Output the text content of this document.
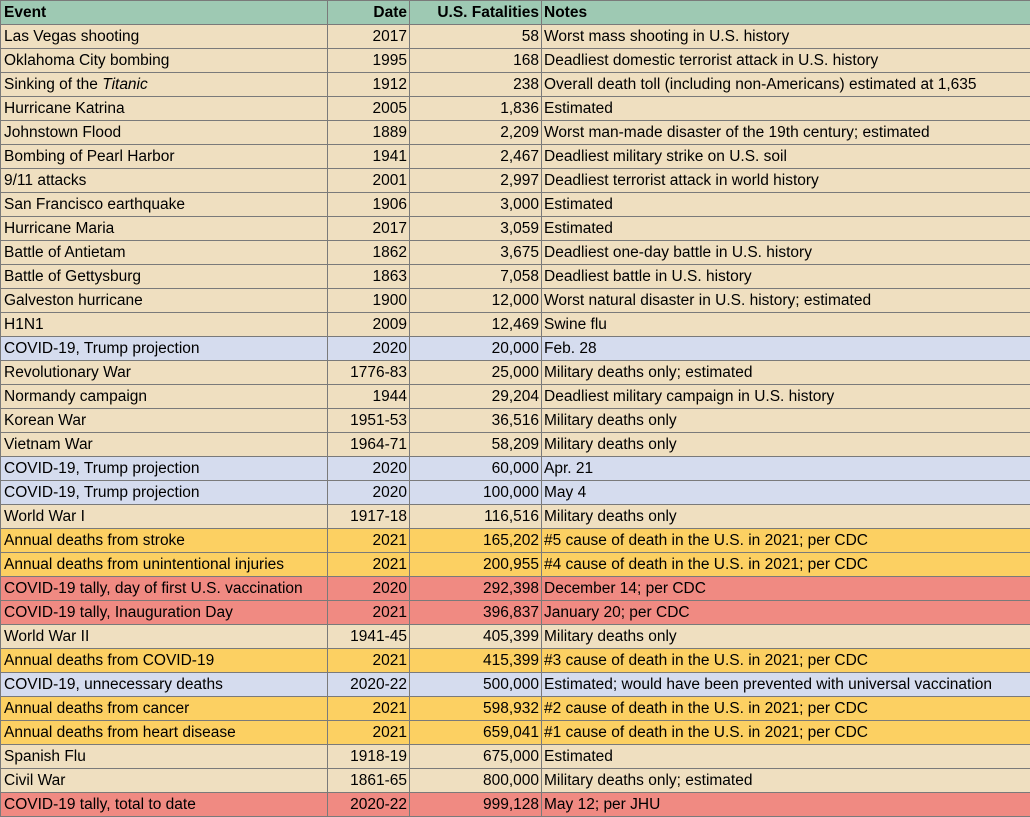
Event	Date	U.S. Fatalities	Notes
Las Vegas shooting	2017	58	Worst mass shooting in U.S. history
Oklahoma City bombing	1995	168	Deadliest domestic terrorist attack in U.S. history
Sinking of the Titanic	1912	238	Overall death toll (including non-Americans) estimated at 1,635
Hurricane Katrina	2005	1,836	Estimated
Johnstown Flood	1889	2,209	Worst man-made disaster of the 19th century; estimated
Bombing of Pearl Harbor	1941	2,467	Deadliest military strike on U.S. soil
9/11 attacks	2001	2,997	Deadliest terrorist attack in world history
San Francisco earthquake	1906	3,000	Estimated
Hurricane Maria	2017	3,059	Estimated
Battle of Antietam	1862	3,675	Deadliest one-day battle in U.S. history
Battle of Gettysburg	1863	7,058	Deadliest battle in U.S. history
Galveston hurricane	1900	12,000	Worst natural disaster in U.S. history; estimated
H1N1	2009	12,469	Swine flu
COVID-19, Trump projection	2020	20,000	Feb. 28
Revolutionary War	1776-83	25,000	Military deaths only; estimated
Normandy campaign	1944	29,204	Deadliest military campaign in U.S. history
Korean War	1951-53	36,516	Military deaths only
Vietnam War	1964-71	58,209	Military deaths only
COVID-19, Trump projection	2020	60,000	Apr. 21
COVID-19, Trump projection	2020	100,000	May 4
World War I	1917-18	116,516	Military deaths only
Annual deaths from stroke	2021	165,202	#5 cause of death in the U.S. in 2021; per CDC
Annual deaths from unintentional injuries	2021	200,955	#4 cause of death in the U.S. in 2021; per CDC
COVID-19 tally, day of first U.S. vaccination	2020	292,398	December 14; per CDC
COVID-19 tally, Inauguration Day	2021	396,837	January 20; per CDC
World War II	1941-45	405,399	Military deaths only
Annual deaths from COVID-19	2021	415,399	#3 cause of death in the U.S. in 2021; per CDC
COVID-19, unnecessary deaths	2020-22	500,000	Estimated; would have been prevented with universal vaccination
Annual deaths from cancer	2021	598,932	#2 cause of death in the U.S. in 2021; per CDC
Annual deaths from heart disease	2021	659,041	#1 cause of death in the U.S. in 2021; per CDC
Spanish Flu	1918-19	675,000	Estimated
Civil War	1861-65	800,000	Military deaths only; estimated
COVID-19 tally, total to date	2020-22	999,128	May 12; per JHU
